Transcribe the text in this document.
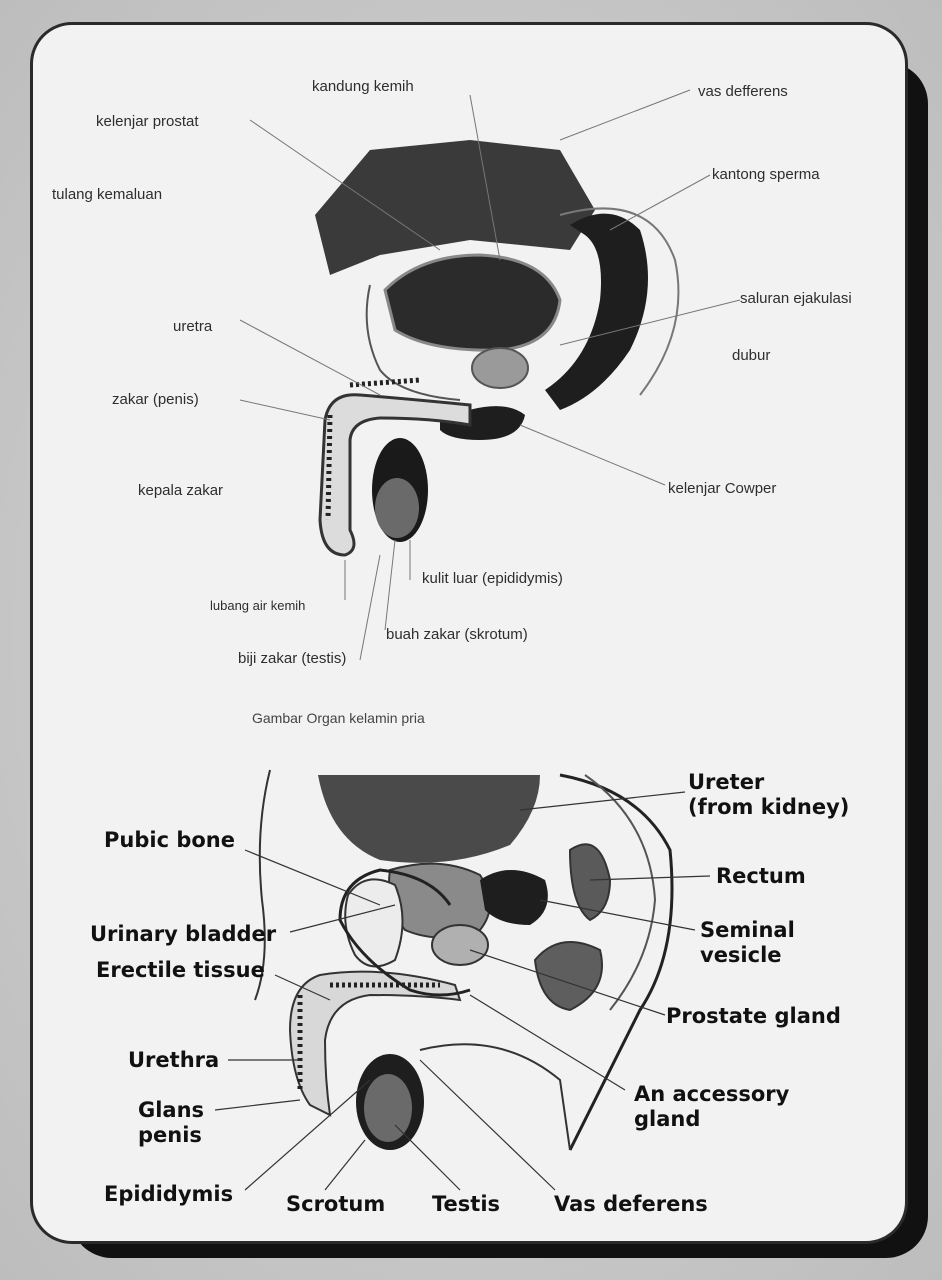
kandung kemih	vas defferens
kelenjar prostat
kantong sperma
tulang kemaluan
saluran ejakulasi
uretra
dubur
zakar (penis)
kepala zakar	kelenjar Cowper
kulit luar (epididymis)
lubang air kemih
buah zakar (skrotum)
biji zakar (testis)
Gambar Organ kelamin pria
Ureter
(from kidney)
Pubic bone
Rectum
Urinary bladder	Seminal
vesicle
Erectile tissue
Prostate gland
Urethra
An accessory
gland
Glans
penis
Epididymis	Scrotum Testis	Vas deferens
